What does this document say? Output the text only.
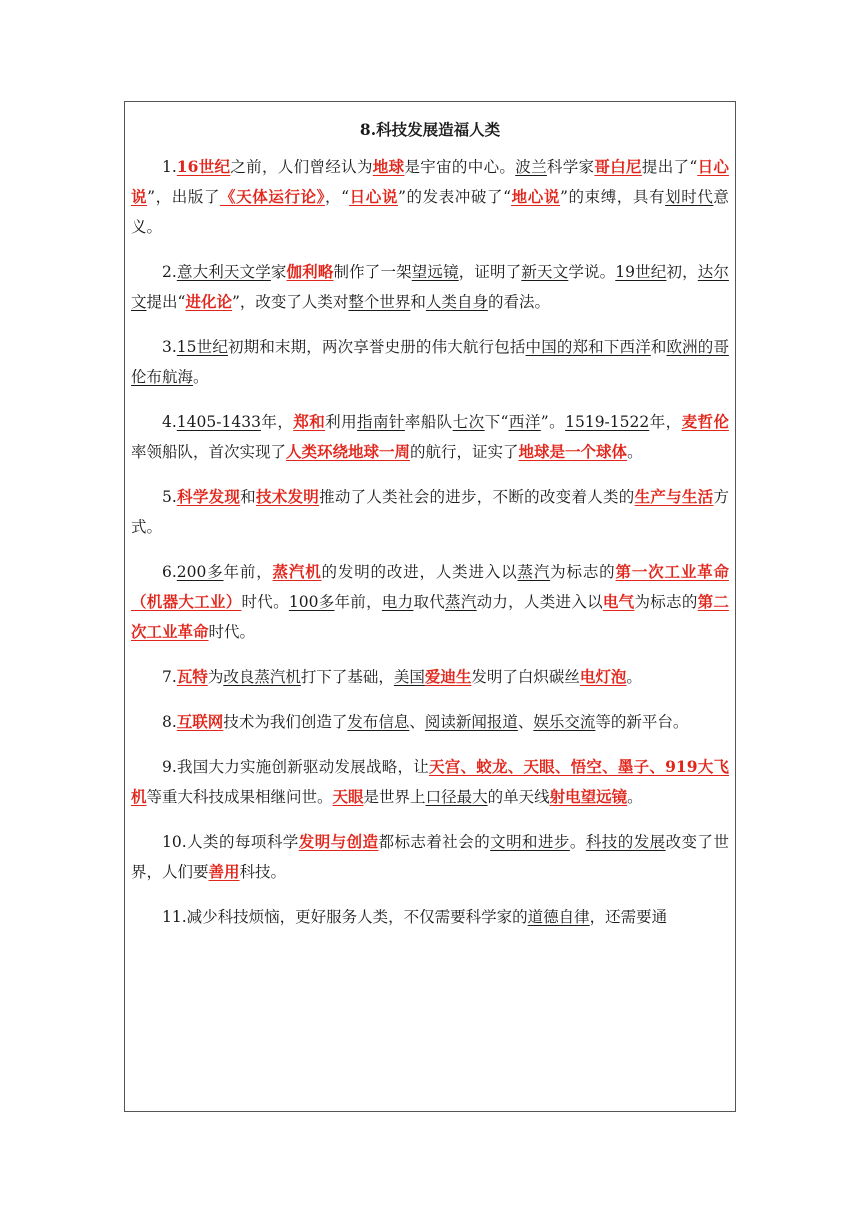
8.科技发展造福人类

1.16世纪之前，人们曾经认为地球是宇宙的中心。波兰科学家哥白尼提出了“日心说”，出版了《天体运行论》，“日心说”的发表冲破了“地心说”的束缚，具有划时代意义。

2.意大利天文学家伽利略制作了一架望远镜，证明了新天文学说。19世纪初，达尔文提出“进化论”，改变了人类对整个世界和人类自身的看法。

3.15世纪初期和末期，两次享誉史册的伟大航行包括中国的郑和下西洋和欧洲的哥伦布航海。

4.1405-1433年，郑和利用指南针率船队七次下“西洋”。1519-1522年，麦哲伦率领船队，首次实现了人类环绕地球一周的航行，证实了地球是一个球体。

5.科学发现和技术发明推动了人类社会的进步，不断的改变着人类的生产与生活方式。

6.200多年前，蒸汽机的发明的改进，人类进入以蒸汽为标志的第一次工业革命（机器大工业）时代。100多年前，电力取代蒸汽动力，人类进入以电气为标志的第二次工业革命时代。

7.瓦特为改良蒸汽机打下了基础，美国爱迪生发明了白炽碳丝电灯泡。

8.互联网技术为我们创造了发布信息、阅读新闻报道、娱乐交流等的新平台。

9.我国大力实施创新驱动发展战略，让天宫、蛟龙、天眼、悟空、墨子、919大飞机等重大科技成果相继问世。天眼是世界上口径最大的单天线射电望远镜。

10.人类的每项科学发明与创造都标志着社会的文明和进步。科技的发展改变了世界，人们要善用科技。

11.减少科技烦恼，更好服务人类，不仅需要科学家的道德自律，还需要通
